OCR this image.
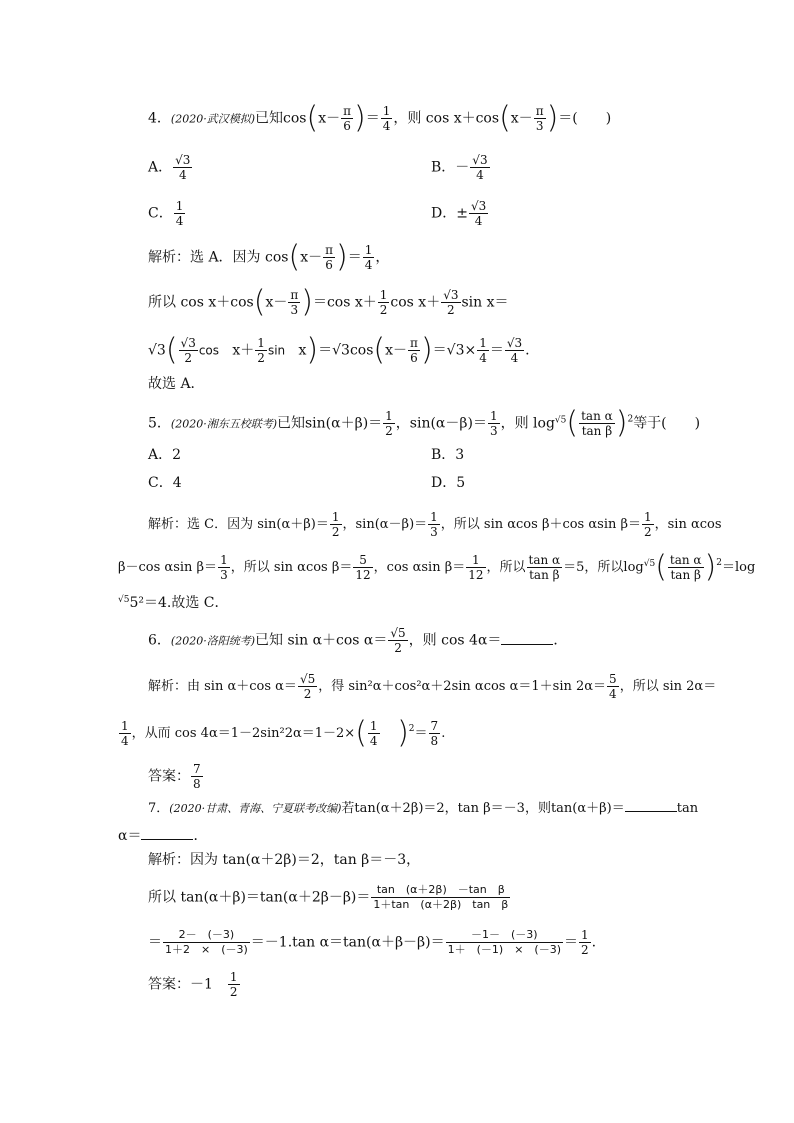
4．(2020·武汉模拟)已知$\cos(x- \frac{\pi}{6}$ )＝ $\frac{1}{4}$ ，则 $\cos x+\cos(x- \frac{\pi}{3}$ )＝(　　)
A． $\frac{√3}{4}$	B．－ $\frac{√3}{4}$
C． $\frac{1}{4}$	D．± $\frac{√3}{4}$
解析：选 A．因为 $\cos(x- \frac{\pi}{6}$ )＝ $\frac{1}{4}$ ，
所以 $\cos x+\cos(x- \frac{\pi}{3} )=\cos$ $x+ \frac{1}{2}$ $\cos x+ \frac{√3}{2}$ sin x＝
$√3( \frac{√3}{2}$ $\cos x+ \frac{1}{2}$ $\sin x)=√3\cos(x- \frac{\pi}{6} )=√3\times \frac{1}{4} = \frac{√3}{4}$ .
故选 A．
5．(2020·湘东五校联考)已知$\sin(\alpha+\beta)= \frac{1}{2}$ ，$\sin(\alpha-\beta)= \frac{1}{3}$ ，则 $\log^{√5}( \frac{\text{tan α}}{\text{tan β}} )^2$等于(　　)
A．2	B．3
C．4	D．5
解析：选 C．因为 $\sin(\alpha+\beta)= \frac{1}{2}$ ，$\sin(\alpha-\beta)= \frac{1}{3}$ ，所以 sin αcos β＋cos αsin $\beta= \frac{1}{2}$ ，sin αcos
β－cos αsin $\beta= \frac{1}{3}$ ，所以 sin αcos $\beta= \frac{5}{12}$ ，cos αsin $\beta= \frac{1}{12}$ ，所以 $\frac{\text{tan α}}{\text{tan β}} =5$，所以$\log^{√5}( \frac{\text{tan α}}{\text{tan β}} )^2=\log$
$^{√5}$5²＝4.故选 C．
6．(2020·洛阳统考)已知 sin α＋cos $\alpha= \frac{√5}{2}$ ，则 cos 4α＝	．
解析：由 sin α＋cos $\alpha= \frac{√5}{2}$ ，得 sin²α＋cos²α＋2sin αcos α＝1＋sin $2\alpha= \frac{5}{4}$ ，所以 sin 2α＝
$\frac{1}{4}$ ，从而 $\cos 4\alpha=1-2\sin^22\alpha=1-2\times( \frac{1}{4} )^2= \frac{7}{8}$ .
答案： $\frac{7}{8}$
7．(2020·甘肃、青海、宁夏联考改编)若tan(α＋2β)＝2，tan β＝－3，则tan(α＋β)＝	tan
α＝	．
解析：因为 tan(α＋2β)＝2，tan β＝－3，
所以 $\tan(\alpha+\beta)=\tan(\alpha+2\beta-\beta)= \frac{\text{tan　(α＋2β)　－tan　β}}{\text{1＋tan　(α＋2β)　tan　β}}$
＝ $\frac{2- (-3)}{1+2 \times (-3)} =-1.\tan$ $\alpha=\tan(\alpha+\beta-\beta)= \frac{-1- (-3)}{1+ (-1) \times (-3)} = \frac{1}{2}$ .
答案：－1　 $\frac{1}{2}$
